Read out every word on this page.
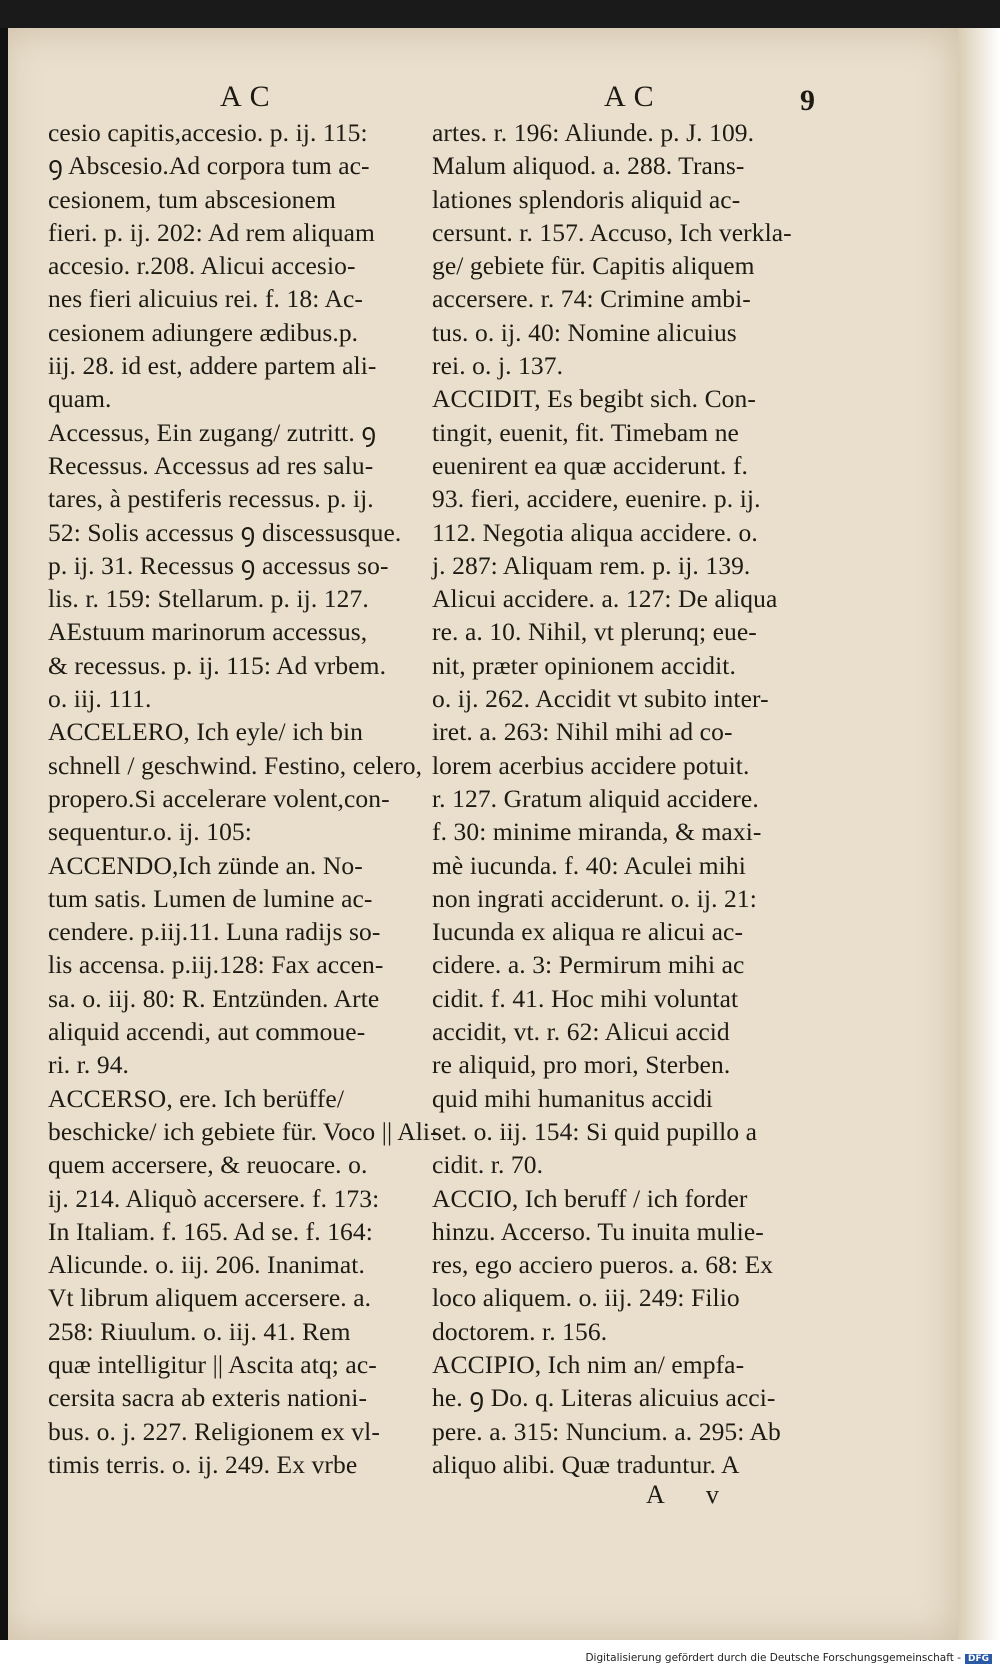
AC	AC	9
cesio capitis,accesio. p. ij. 115:
ꝯ Abscesio.Ad corpora tum ac-
cesionem, tum abscesionem
fieri. p. ij. 202: Ad rem aliquam
accesio. r.208. Alicui accesio-
nes fieri alicuius rei. f. 18: Ac-
cesionem adiungere ædibus.p.
iij. 28. id est, addere partem ali-
quam.
Accessus, Ein zugang/ zutritt. ꝯ
Recessus. Accessus ad res salu-
tares, à pestiferis recessus. p. ij.
52: Solis accessus ꝯ discessusque.
p. ij. 31. Recessus ꝯ accessus so-
lis. r. 159: Stellarum. p. ij. 127.
AEstuum marinorum accessus,
& recessus. p. ij. 115: Ad vrbem.
o. iij. 111.
ACCELERO, Ich eyle/ ich bin
schnell / geschwind. Festino, celero,
propero.Si accelerare volent,con-
sequentur.o. ij. 105:
ACCENDO,Ich zünde an. No-
tum satis. Lumen de lumine ac-
cendere. p.iij.11. Luna radijs so-
lis accensa. p.iij.128: Fax accen-
sa. o. iij. 80: R. Entzünden. Arte
aliquid accendi, aut commoue-
ri. r. 94.
ACCERSO, ere. Ich berüffe/
beschicke/ ich gebiete für. Voco || Ali-
quem accersere, & reuocare. o.
ij. 214. Aliquò accersere. f. 173:
In Italiam. f. 165. Ad se. f. 164:
Alicunde. o. iij. 206. Inanimat.
Vt librum aliquem accersere. a.
258: Riuulum. o. iij. 41. Rem
quæ intelligitur || Ascita atq; ac-
cersita sacra ab exteris nationi-
bus. o. j. 227. Religionem ex vl-
timis terris. o. ij. 249. Ex vrbe
artes. r. 196: Aliunde. p. J. 109.
Malum aliquod. a. 288. Trans-
lationes splendoris aliquid ac-
cersunt. r. 157. Accuso, Ich verkla-
ge/ gebiete für. Capitis aliquem
accersere. r. 74: Crimine ambi-
tus. o. ij. 40: Nomine alicuius
rei. o. j. 137.
ACCIDIT, Es begibt sich. Con-
tingit, euenit, fit. Timebam ne
euenirent ea quæ acciderunt. f.
93. fieri, accidere, euenire. p. ij.
112. Negotia aliqua accidere. o.
j. 287: Aliquam rem. p. ij. 139.
Alicui accidere. a. 127: De aliqua
re. a. 10. Nihil, vt plerunq; eue-
nit, præter opinionem accidit.
o. ij. 262. Accidit vt subito inter-
iret. a. 263: Nihil mihi ad co-
lorem acerbius accidere potuit.
r. 127. Gratum aliquid accidere.
f. 30: minime miranda, & maxi-
mè iucunda. f. 40: Aculei mihi
non ingrati acciderunt. o. ij. 21:
Iucunda ex aliqua re alicui ac-
cidere. a. 3: Permirum mihi ac
cidit. f. 41. Hoc mihi voluntat
accidit, vt. r. 62: Alicui accid
re aliquid, pro mori, Sterben.
quid mihi humanitus accidi
set. o. iij. 154: Si quid pupillo a
cidit. r. 70.
ACCIO, Ich beruff / ich forder
hinzu. Accerso. Tu inuita mulie-
res, ego acciero pueros. a. 68: Ex
loco aliquem. o. iij. 249: Filio
doctorem. r. 156.
ACCIPIO, Ich nim an/ empfa-
he. ꝯ Do. q. Literas alicuius acci-
pere. a. 315: Nuncium. a. 295: Ab
aliquo alibi. Quæ traduntur. A
A v
Digitalisierung gefördert durch die Deutsche Forschungsgemeinschaft - DFG
